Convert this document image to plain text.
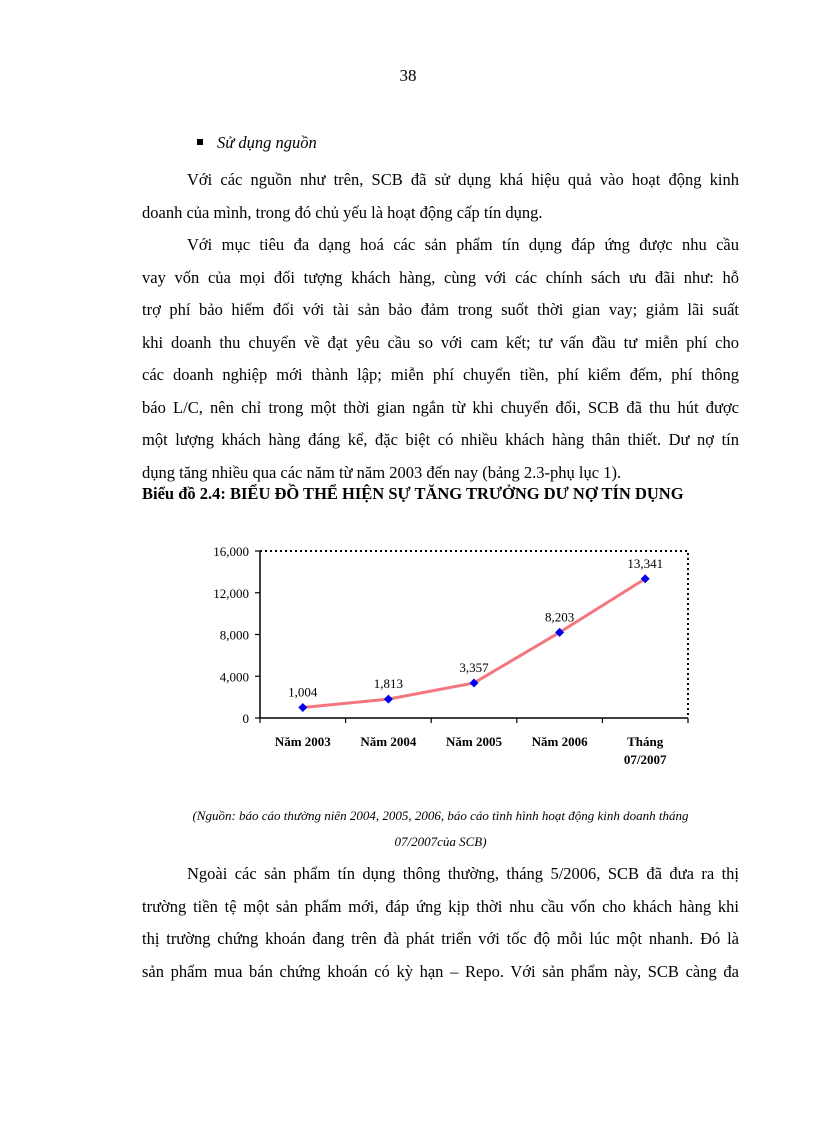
38
Sử dụng nguồn
Với các nguồn như trên, SCB đã sử dụng khá hiệu quả vào hoạt động kinh
doanh của mình, trong đó chủ yếu là hoạt động cấp tín dụng.
Với mục tiêu đa dạng hoá các sản phẩm tín dụng đáp ứng được nhu cầu
vay vốn của mọi đối tượng khách hàng, cùng với các chính sách ưu đãi như: hỗ
trợ phí bảo hiểm đối với tài sản bảo đảm trong suốt thời gian vay; giảm lãi suất
khi doanh thu chuyển về đạt yêu cầu so với cam kết; tư vấn đầu tư miễn phí cho
các doanh nghiệp mới thành lập; miễn phí chuyển tiền, phí kiểm đếm, phí thông
báo L/C, nên chỉ trong một thời gian ngắn từ khi chuyển đổi, SCB đã thu hút được
một lượng khách hàng đáng kể, đặc biệt có nhiều khách hàng thân thiết. Dư nợ tín
dụng tăng nhiều qua các năm từ năm 2003 đến nay (bảng 2.3-phụ lục 1).
Biểu đồ 2.4: BIỂU ĐỒ THỂ HIỆN SỰ TĂNG TRƯỞNG DƯ NỢ TÍN DỤNG
0
4,000
8,000
12,000
16,000
Năm 2003 Năm 2004 Năm 2005 Năm 2006	Tháng
07/2007
1,004
1,813
3,357
8,203
13,341
(Nguồn: báo cáo thường niên 2004, 2005, 2006, báo cáo tình hình hoạt động kinh doanh tháng
07/2007của SCB)
Ngoài các sản phẩm tín dụng thông thường, tháng 5/2006, SCB đã đưa ra thị
trường tiền tệ một sản phẩm mới, đáp ứng kịp thời nhu cầu vốn cho khách hàng khi
thị trường chứng khoán đang trên đà phát triển với tốc độ mỗi lúc một nhanh. Đó là
sản phẩm mua bán chứng khoán có kỳ hạn – Repo. Với sản phẩm này, SCB càng đa
